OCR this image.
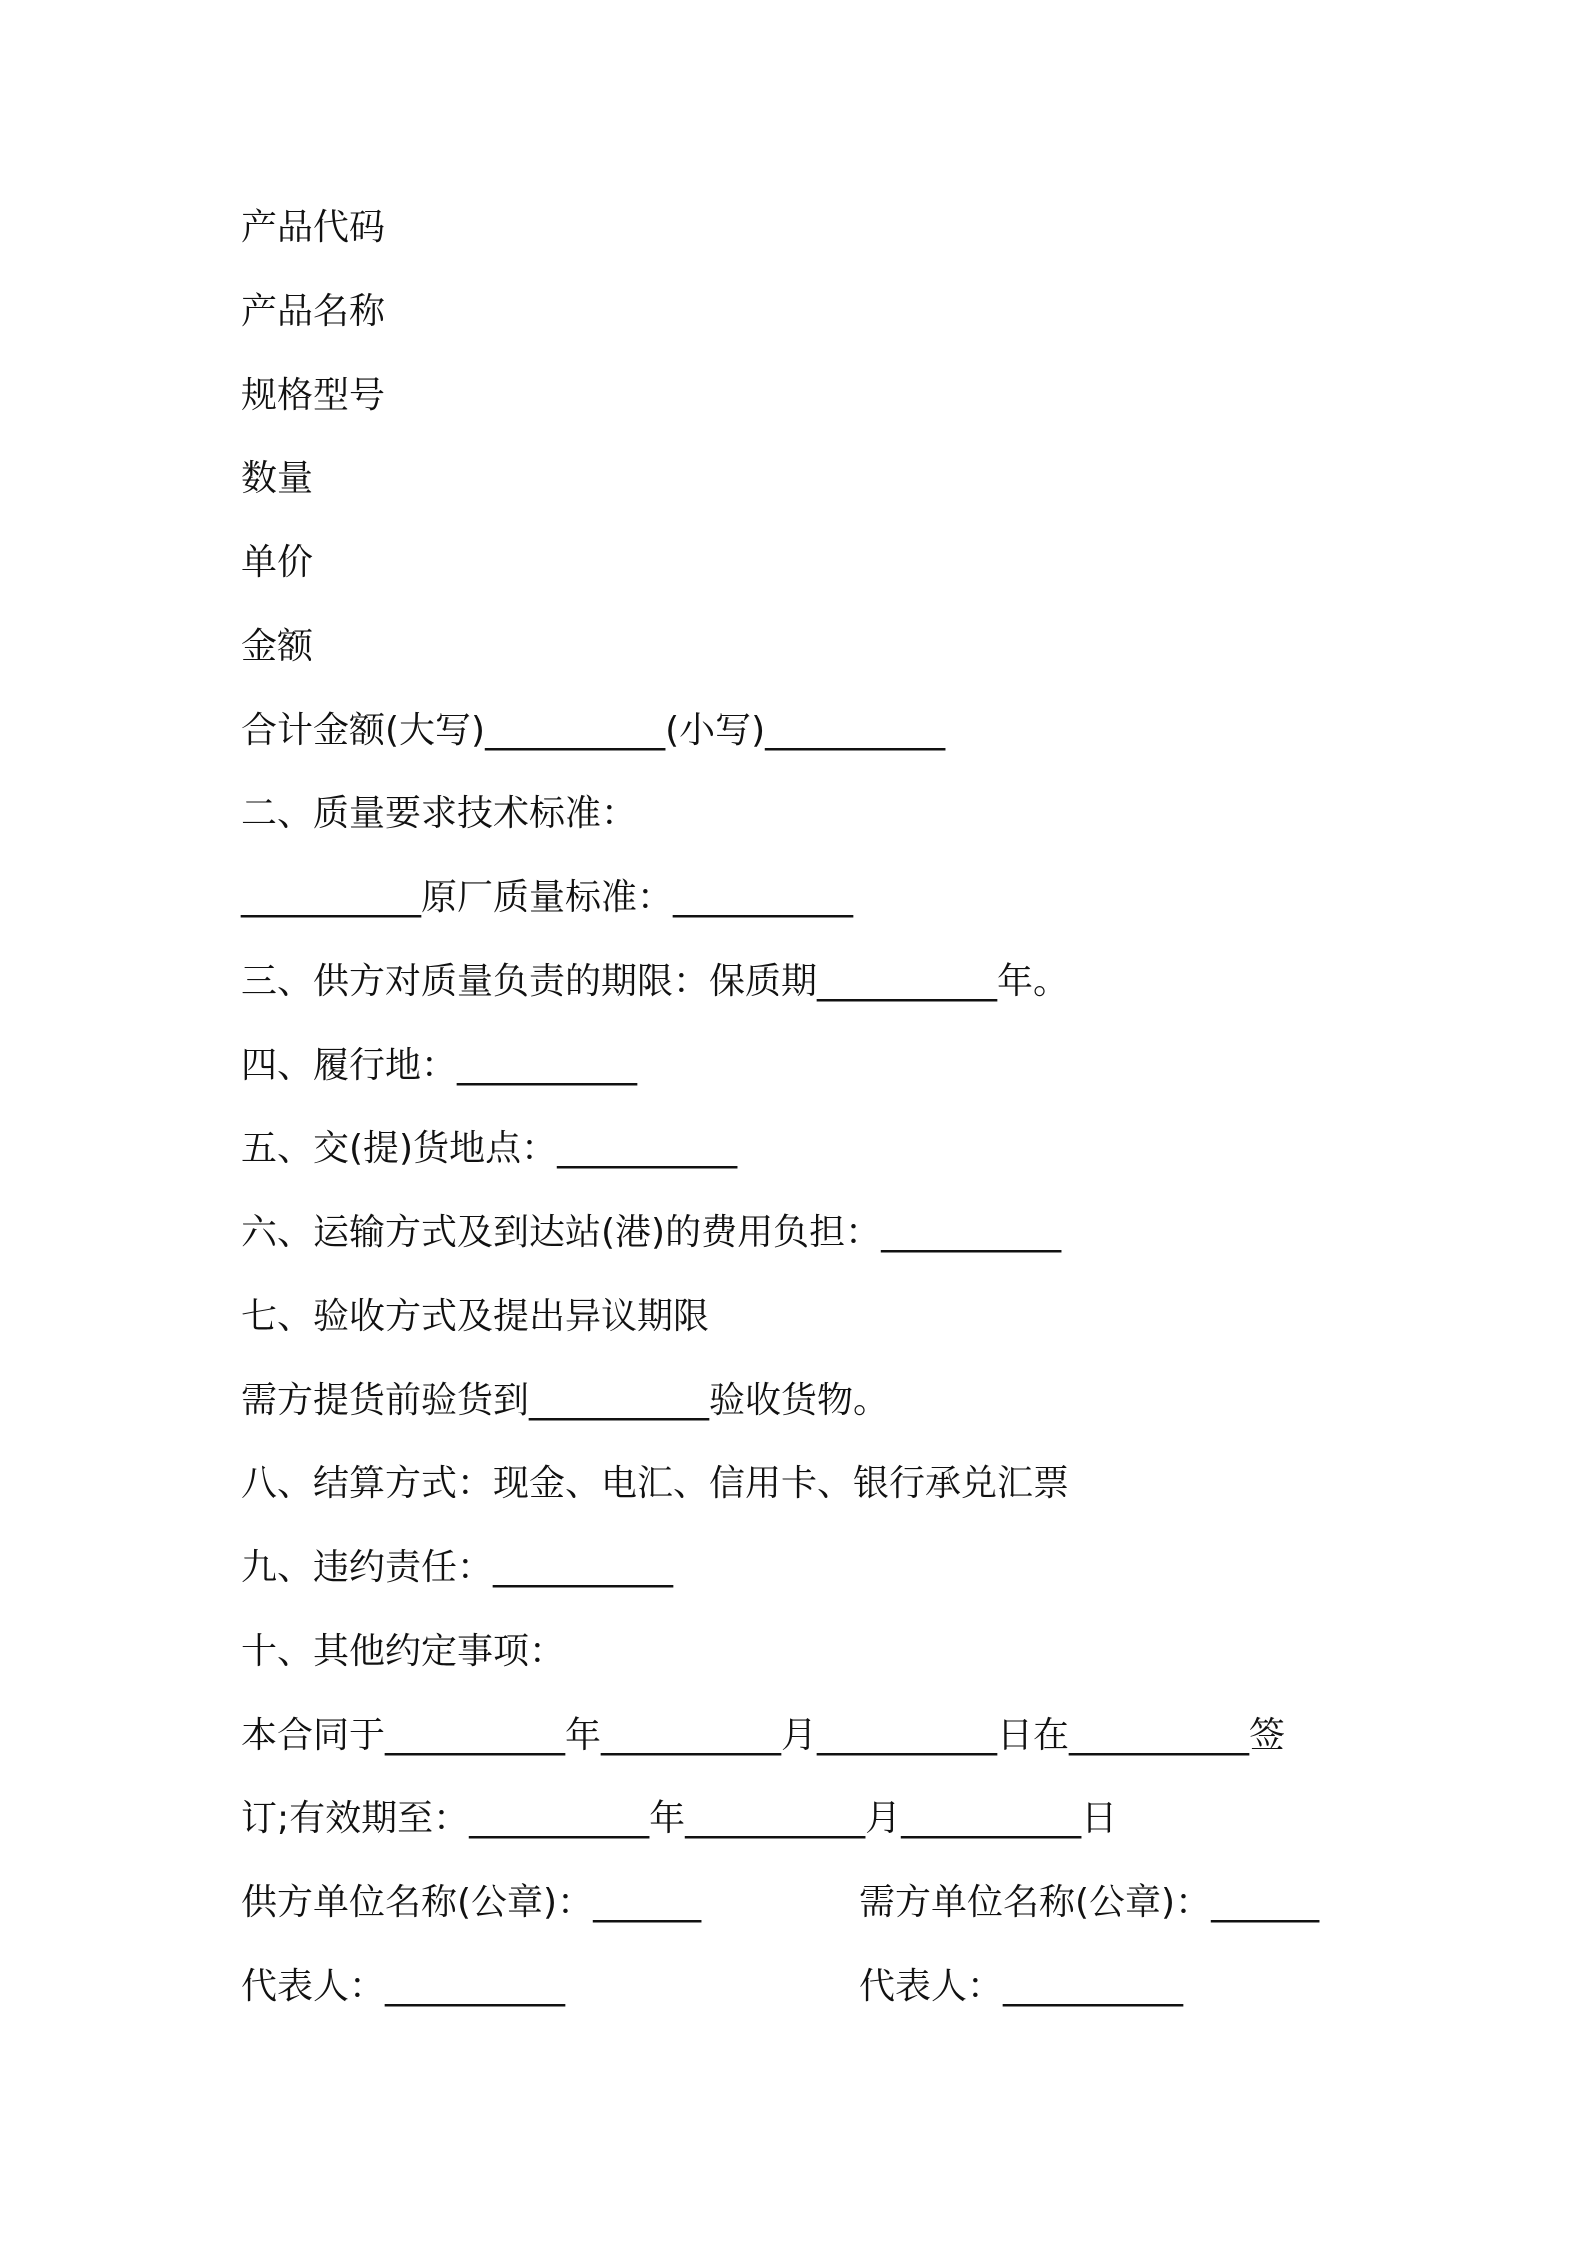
产品代码
产品名称
规格型号
数量
单价
金额
合计金额(大写)__________(小写)__________
二、质量要求技术标准：
__________原厂质量标准：__________
三、供方对质量负责的期限：保质期__________年。
四、履行地：__________
五、交(提)货地点：__________
六、运输方式及到达站(港)的费用负担：__________
七、验收方式及提出异议期限
需方提货前验货到__________验收货物。
八、结算方式：现金、电汇、信用卡、银行承兑汇票
九、违约责任：__________
十、其他约定事项：
本合同于__________年__________月__________日在__________签
订;有效期至：__________年__________月__________日
供方单位名称(公章)：______	需方单位名称(公章)：______
代表人：__________	代表人：__________
